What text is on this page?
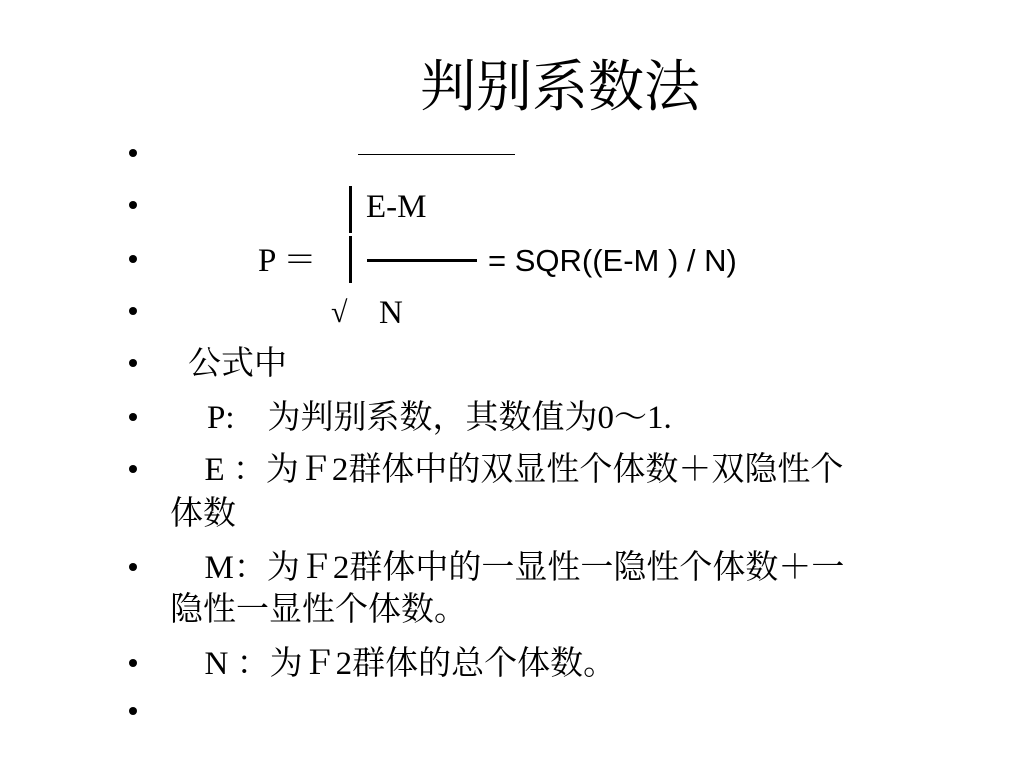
判别系数法
E-M
P ＝	= SQR((E-M ) / N)
√ N
公式中
P:    为判别系数，其数值为0～1.
E ：为Ｆ2群体中的双显性个体数＋双隐性个
体数
M：为Ｆ2群体中的一显性一隐性个体数＋一
隐性一显性个体数。
N ：为Ｆ2群体的总个体数。
